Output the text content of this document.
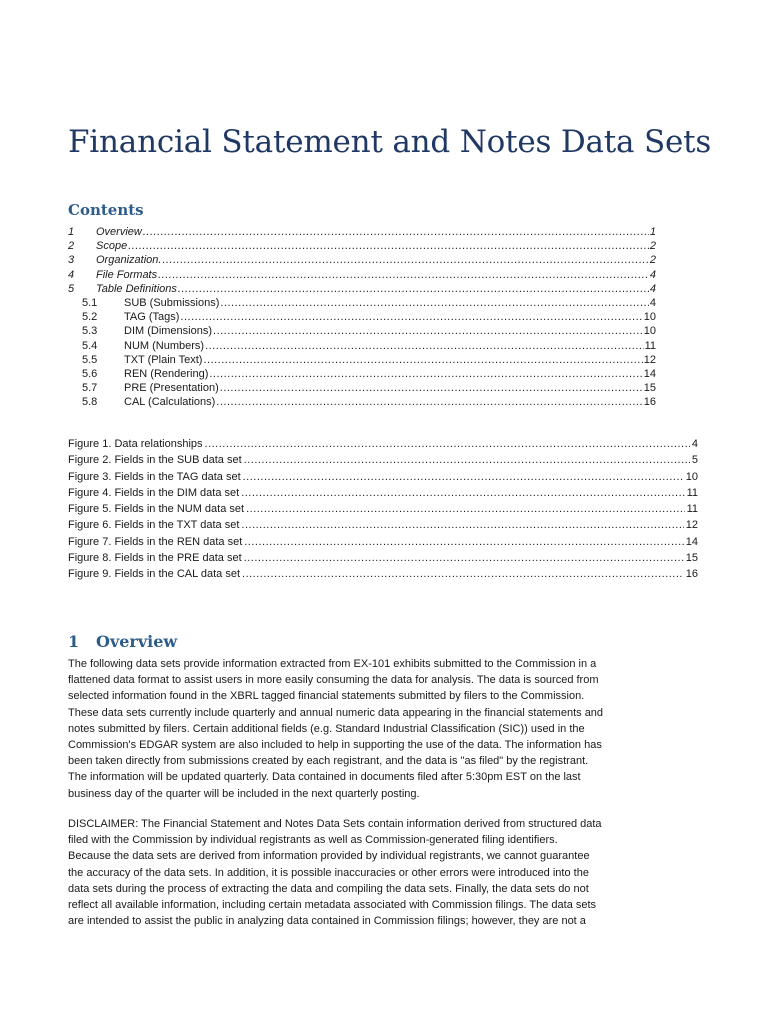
Financial Statement and Notes Data Sets
Contents
1	Overview .....	1
2	Scope .....	2
3	Organization. .....	2
4	File Formats .....	4
5	Table Definitions .....	4
5.1	SUB (Submissions) .....	4
5.2	TAG (Tags) .....	10
5.3	DIM (Dimensions) .....	10
5.4	NUM (Numbers) .....	11
5.5	TXT (Plain Text) .....	12
5.6	REN (Rendering) .....	14
5.7	PRE (Presentation) .....	15
5.8	CAL (Calculations) .....	16
Figure 1. Data relationships .....	4
Figure 2. Fields in the SUB data set .....	5
Figure 3. Fields in the TAG data set .....	10
Figure 4. Fields in the DIM data set .....	11
Figure 5. Fields in the NUM data set .....	11
Figure 6. Fields in the TXT data set .....	12
Figure 7. Fields in the REN data set .....	14
Figure 8. Fields in the PRE data set .....	15
Figure 9. Fields in the CAL data set .....	16
1 Overview

The following data sets provide information extracted from EX-101 exhibits submitted to the Commission in a
flattened data format to assist users in more easily consuming the data for analysis. The data is sourced from
selected information found in the XBRL tagged financial statements submitted by filers to the Commission.
These data sets currently include quarterly and annual numeric data appearing in the financial statements and
notes submitted by filers. Certain additional fields (e.g. Standard Industrial Classification (SIC)) used in the
Commission's EDGAR system are also included to help in supporting the use of the data. The information has
been taken directly from submissions created by each registrant, and the data is "as filed" by the registrant.
The information will be updated quarterly. Data contained in documents filed after 5:30pm EST on the last
business day of the quarter will be included in the next quarterly posting.

DISCLAIMER: The Financial Statement and Notes Data Sets contain information derived from structured data
filed with the Commission by individual registrants as well as Commission-generated filing identifiers.
Because the data sets are derived from information provided by individual registrants, we cannot guarantee
the accuracy of the data sets. In addition, it is possible inaccuracies or other errors were introduced into the
data sets during the process of extracting the data and compiling the data sets. Finally, the data sets do not
reflect all available information, including certain metadata associated with Commission filings. The data sets
are intended to assist the public in analyzing data contained in Commission filings; however, they are not a
